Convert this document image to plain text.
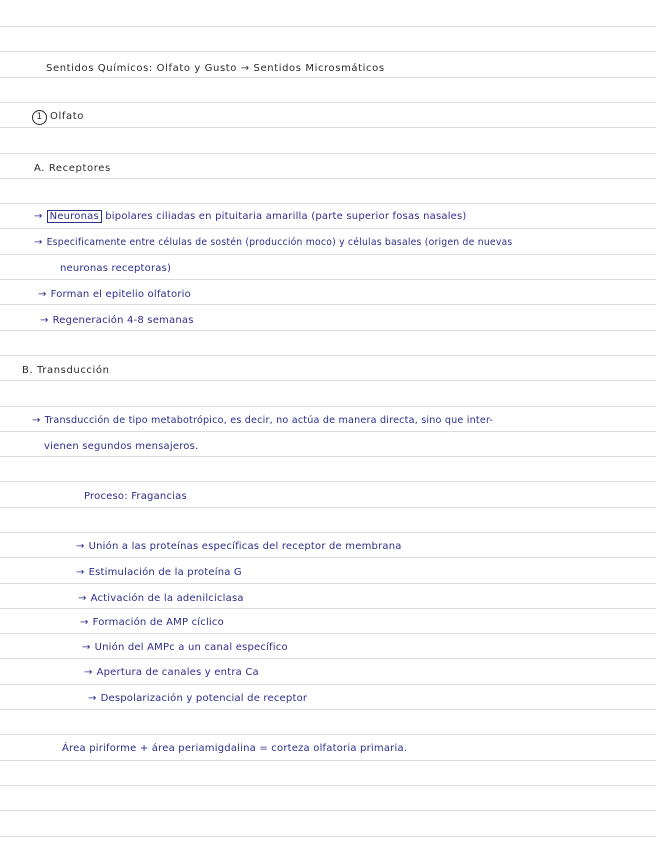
Sentidos Químicos: Olfato y Gusto → Sentidos Microsmáticos
1 Olfato
A. Receptores
→ Neuronas bipolares ciliadas en pituitaria amarilla (parte superior fosas nasales)
→ Especificamente entre células de sostén (producción moco) y células basales (origen de nuevas
neuronas receptoras)
→ Forman el epitelio olfatorio
→ Regeneración 4-8 semanas
B. Transducción
→ Transducción de tipo metabotrópico, es decir, no actúa de manera directa, sino que inter-
vienen segundos mensajeros.
Proceso: Fragancias
→ Unión a las proteínas específicas del receptor de membrana
→ Estimulación de la proteína G
→ Activación de la adenilciclasa
→ Formación de AMP cíclico
→ Unión del AMPc a un canal específico
→ Apertura de canales y entra Ca
→ Despolarización y potencial de receptor
Área piriforme + área periamigdalina = corteza olfatoria primaria.
